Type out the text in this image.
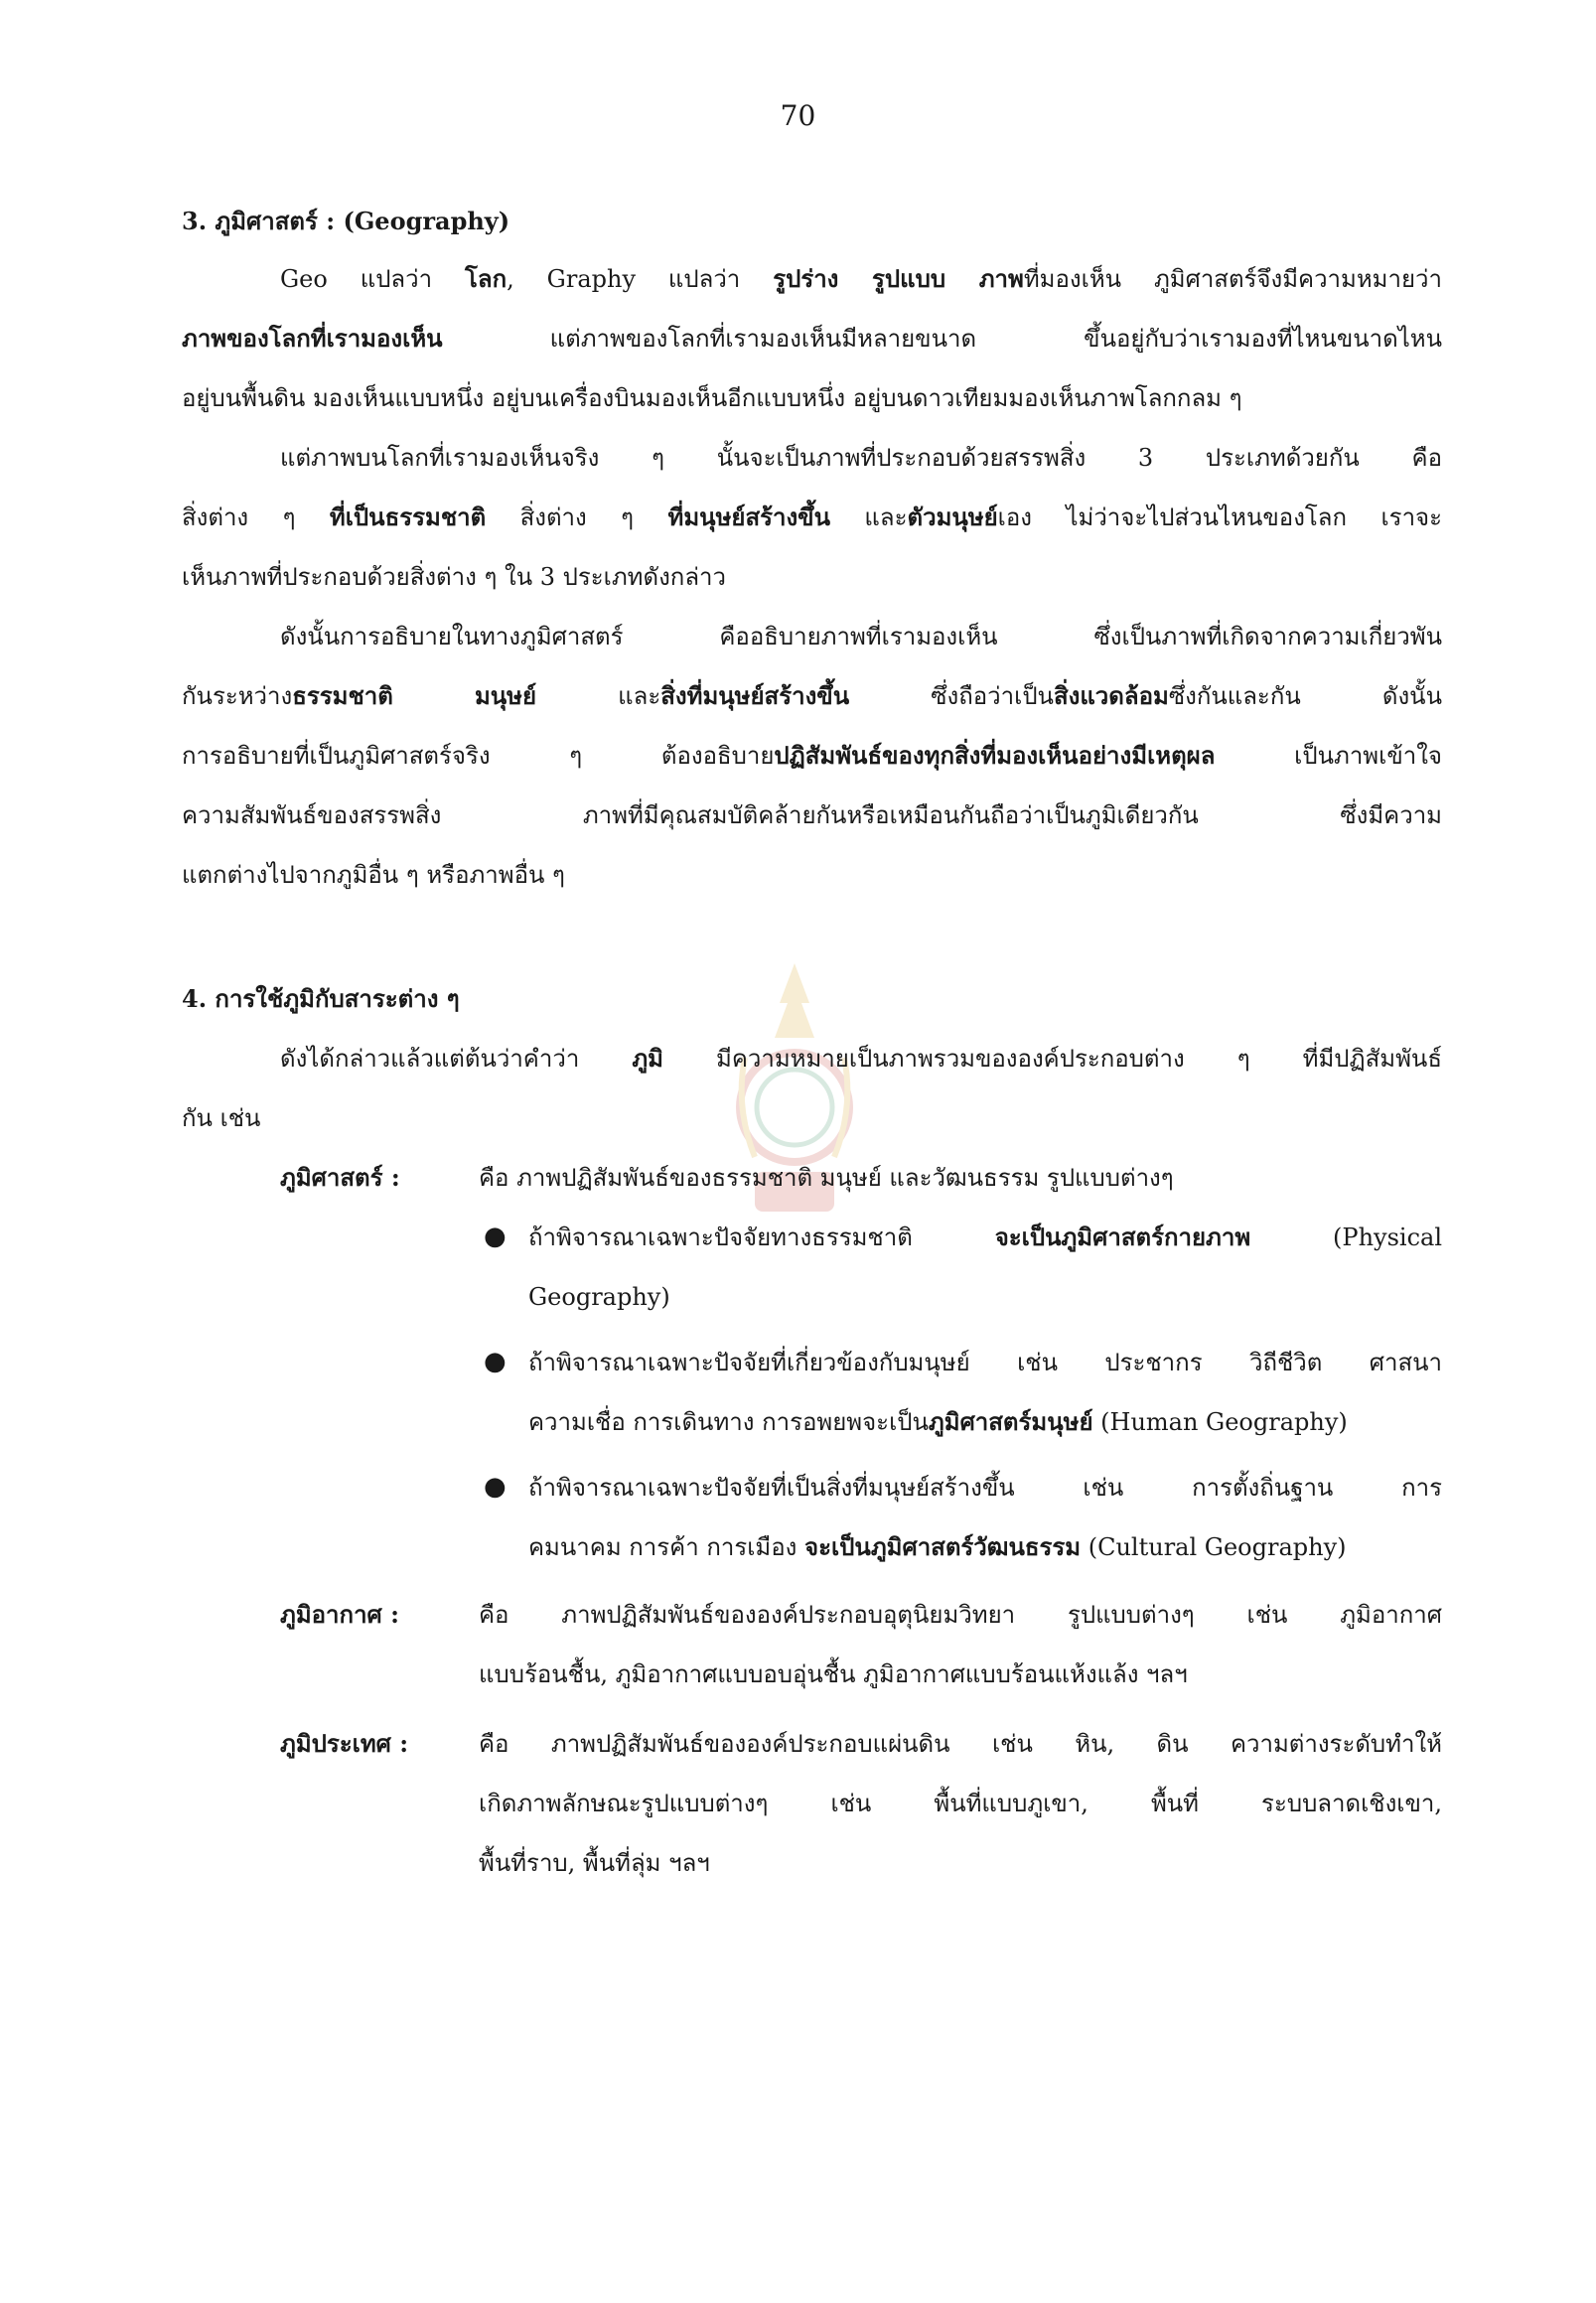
70
3. ภูมิศาสตร์ : (Geography)
Geo แปลว่า โลก, Graphy แปลว่า รูปร่าง รูปแบบ ภาพที่มองเห็น ภูมิศาสตร์จึงมีความหมายว่า
ภาพของโลกที่เรามองเห็น แต่ภาพของโลกที่เรามองเห็นมีหลายขนาด ขึ้นอยู่กับว่าเรามองที่ไหนขนาดไหน
อยู่บนพื้นดิน มองเห็นแบบหนึ่ง อยู่บนเครื่องบินมองเห็นอีกแบบหนึ่ง อยู่บนดาวเทียมมองเห็นภาพโลกกลม ๆ
แต่ภาพบนโลกที่เรามองเห็นจริง ๆ นั้นจะเป็นภาพที่ประกอบด้วยสรรพสิ่ง 3 ประเภทด้วยกัน คือ
สิ่งต่าง ๆ ที่เป็นธรรมชาติ สิ่งต่าง ๆ ที่มนุษย์สร้างขึ้น และตัวมนุษย์เอง ไม่ว่าจะไปส่วนไหนของโลก เราจะ
เห็นภาพที่ประกอบด้วยสิ่งต่าง ๆ ใน 3 ประเภทดังกล่าว
ดังนั้นการอธิบายในทางภูมิศาสตร์ คืออธิบายภาพที่เรามองเห็น ซึ่งเป็นภาพที่เกิดจากความเกี่ยวพัน
กันระหว่างธรรมชาติ	มนุษย์ และสิ่งที่มนุษย์สร้างขึ้น ซึ่งถือว่าเป็นสิ่งแวดล้อมซึ่งกันและกัน ดังนั้น
การอธิบายที่เป็นภูมิศาสตร์จริง ๆ ต้องอธิบายปฏิสัมพันธ์ของทุกสิ่งที่มองเห็นอย่างมีเหตุผล เป็นภาพเข้าใจ
ความสัมพันธ์ของสรรพสิ่ง ภาพที่มีคุณสมบัติคล้ายกันหรือเหมือนกันถือว่าเป็นภูมิเดียวกัน ซึ่งมีความ
แตกต่างไปจากภูมิอื่น ๆ หรือภาพอื่น ๆ
4. การใช้ภูมิกับสาระต่าง ๆ
ดังได้กล่าวแล้วแต่ต้นว่าคำว่า ภูมิ มีความหมายเป็นภาพรวมขององค์ประกอบต่าง ๆ ที่มีปฏิสัมพันธ์
กัน เช่น
ภูมิศาสตร์ :	คือ ภาพปฏิสัมพันธ์ของธรรมชาติ มนุษย์ และวัฒนธรรม รูปแบบต่างๆ
● ถ้าพิจารณาเฉพาะปัจจัยทางธรรมชาติ จะเป็นภูมิศาสตร์กายภาพ (Physical
Geography)
● ถ้าพิจารณาเฉพาะปัจจัยที่เกี่ยวข้องกับมนุษย์ เช่น ประชากร วิถีชีวิต ศาสนา
ความเชื่อ การเดินทาง การอพยพจะเป็นภูมิศาสตร์มนุษย์ (Human Geography)
● ถ้าพิจารณาเฉพาะปัจจัยที่เป็นสิ่งที่มนุษย์สร้างขึ้น เช่น การตั้งถิ่นฐาน การ
คมนาคม การค้า การเมือง จะเป็นภูมิศาสตร์วัฒนธรรม (Cultural Geography)
ภูมิอากาศ :	คือ ภาพปฏิสัมพันธ์ขององค์ประกอบอุตุนิยมวิทยา รูปแบบต่างๆ เช่น ภูมิอากาศ
แบบร้อนชื้น, ภูมิอากาศแบบอบอุ่นชื้น ภูมิอากาศแบบร้อนแห้งแล้ง ฯลฯ
ภูมิประเทศ :	คือ ภาพปฏิสัมพันธ์ขององค์ประกอบแผ่นดิน เช่น หิน, ดิน ความต่างระดับทำให้
เกิดภาพลักษณะรูปแบบต่างๆ เช่น พื้นที่แบบภูเขา, พื้นที่ ระบบลาดเชิงเขา,
พื้นที่ราบ, พื้นที่ลุ่ม ฯลฯ
